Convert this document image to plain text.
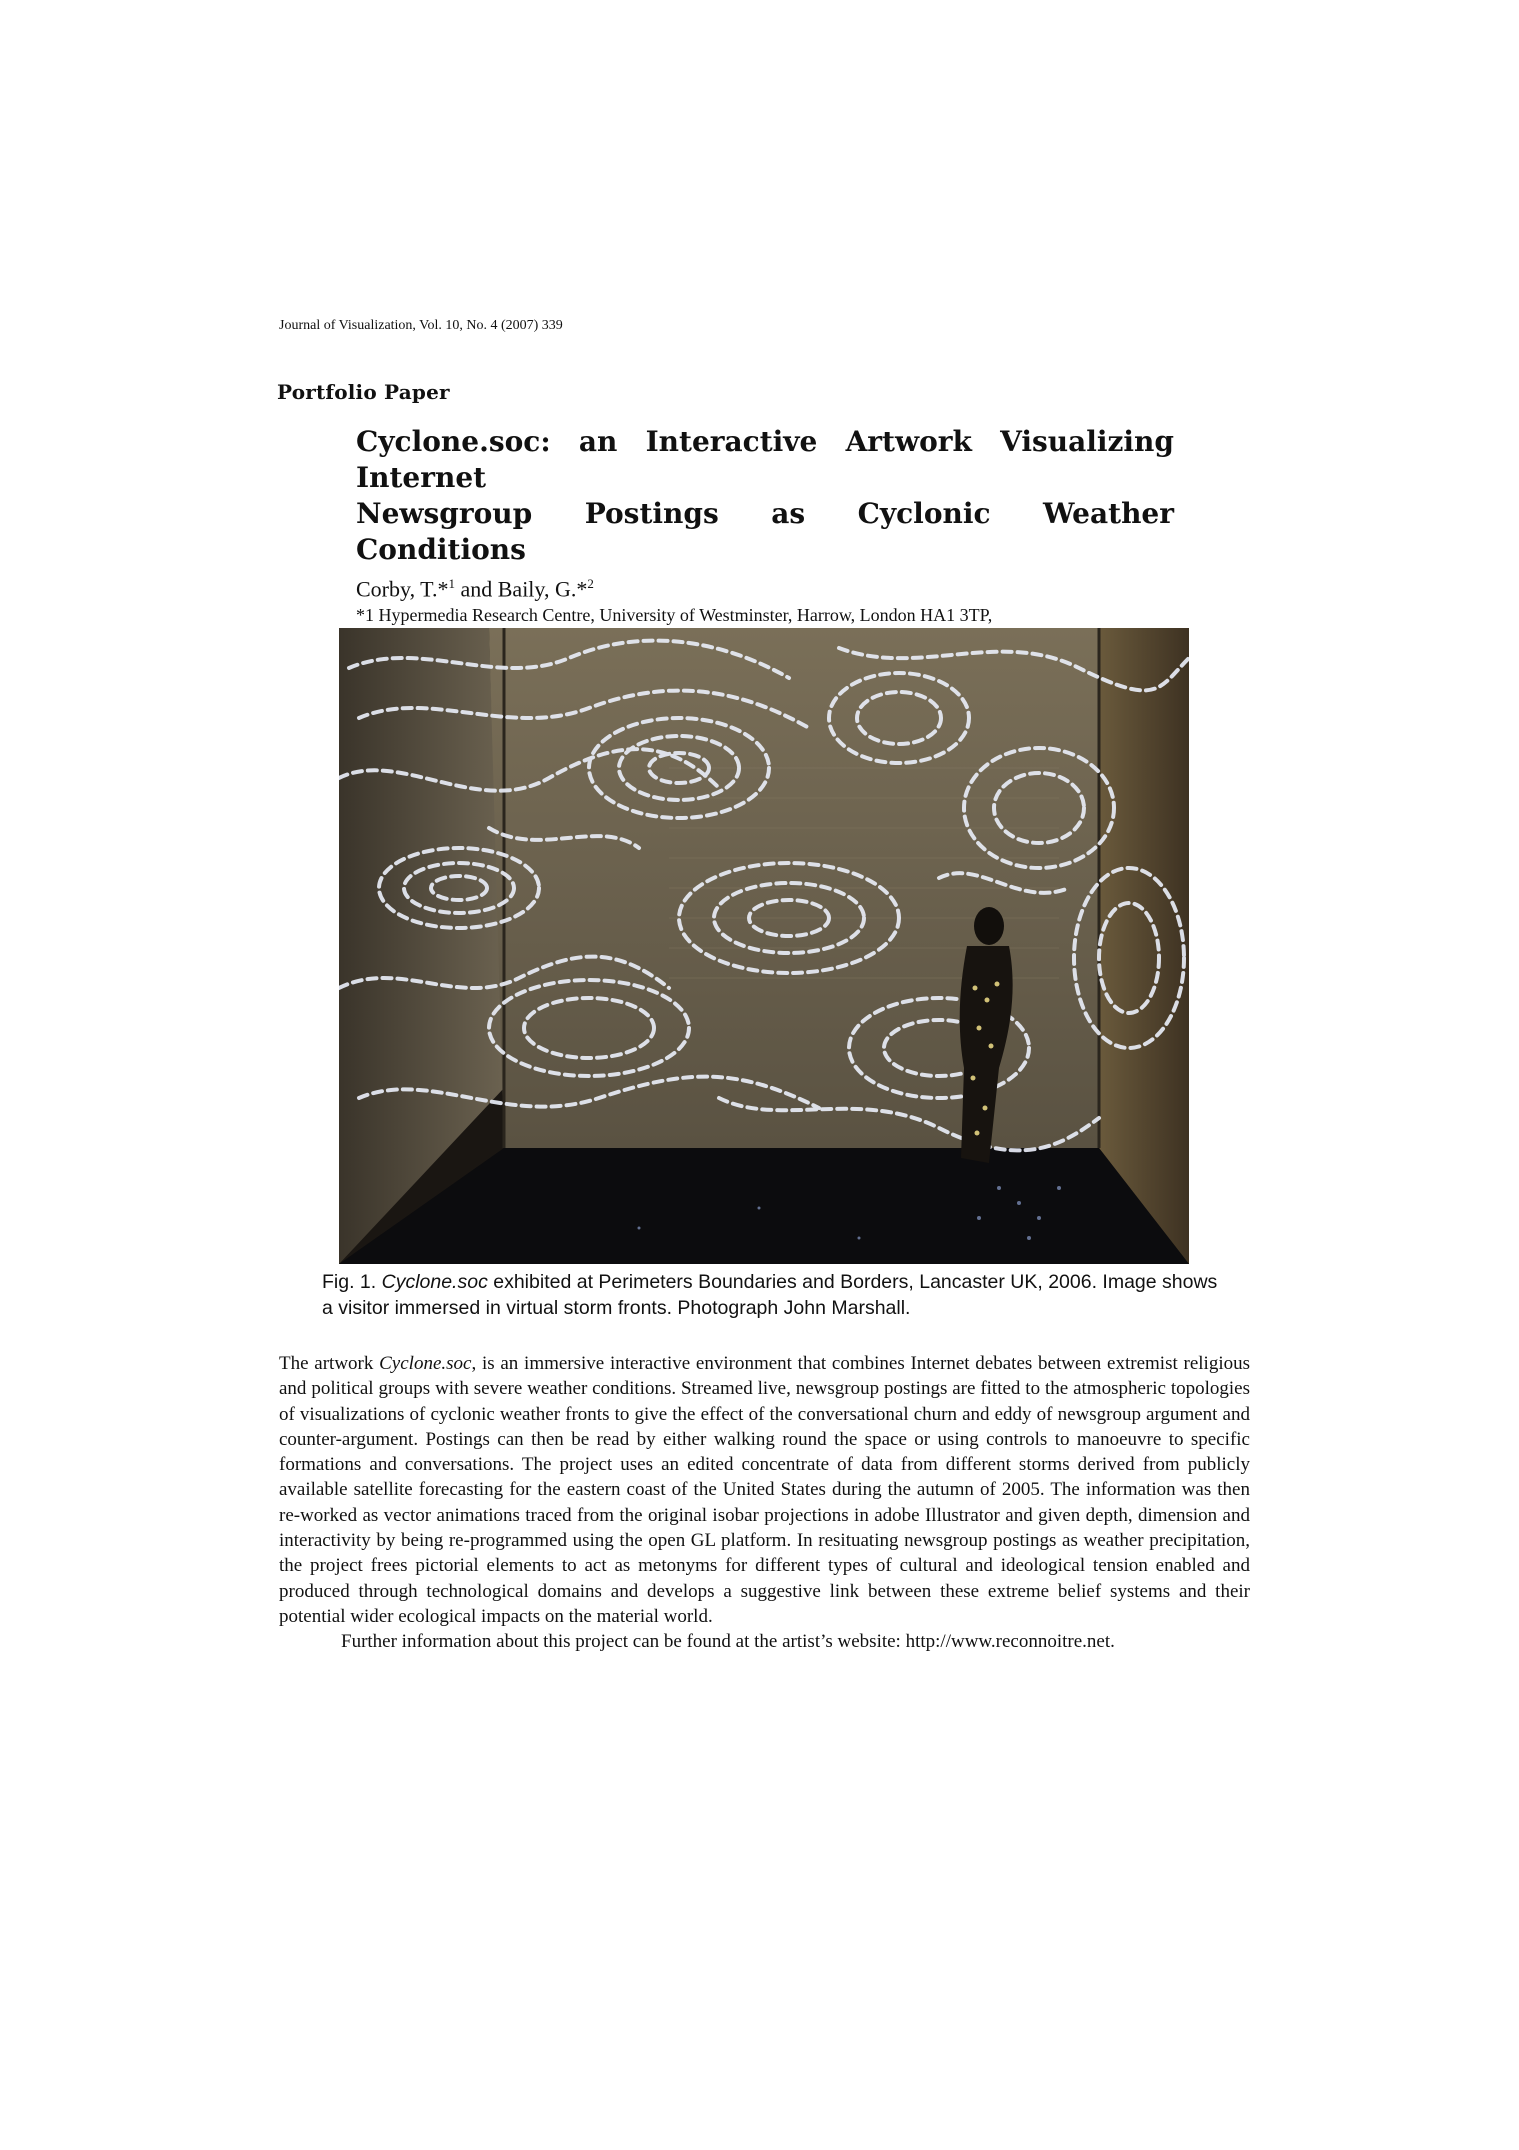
Journal of Visualization, Vol. 10, No. 4 (2007) 339
Portfolio Paper
Cyclone.soc: an Interactive Artwork Visualizing Internet
Newsgroup Postings as Cyclonic Weather Conditions
Corby, T.*$^1$ and Baily, G.*$^2$
*1 Hypermedia Research Centre, University of Westminster, Harrow, London HA1 3TP,
Fig. 1. Cyclone.soc exhibited at Perimeters Boundaries and Borders, Lancaster UK, 2006. Image shows a visitor immersed in virtual storm fronts. Photograph John Marshall.

The artwork Cyclone.soc, is an immersive interactive environment that combines Internet debates between extremist religious and political groups with severe weather conditions. Streamed live, newsgroup postings are fitted to the atmospheric topologies of visualizations of cyclonic weather fronts to give the effect of the conversational churn and eddy of newsgroup argument and counter-argument. Postings can then be read by either walking round the space or using controls to manoeuvre to specific formations and conversations. The project uses an edited concentrate of data from different storms derived from publicly available satellite forecasting for the eastern coast of the United States during the autumn of 2005. The information was then re-worked as vector animations traced from the original isobar projections in adobe Illustrator and given depth, dimension and interactivity by being re-programmed using the open GL platform. In resituating newsgroup postings as weather precipitation, the project frees pictorial elements to act as metonyms for different types of cultural and ideological tension enabled and produced through technological domains and develops a suggestive link between these extreme belief systems and their potential wider ecological impacts on the material world.

Further information about this project can be found at the artist’s website: http://www.reconnoitre.net.
